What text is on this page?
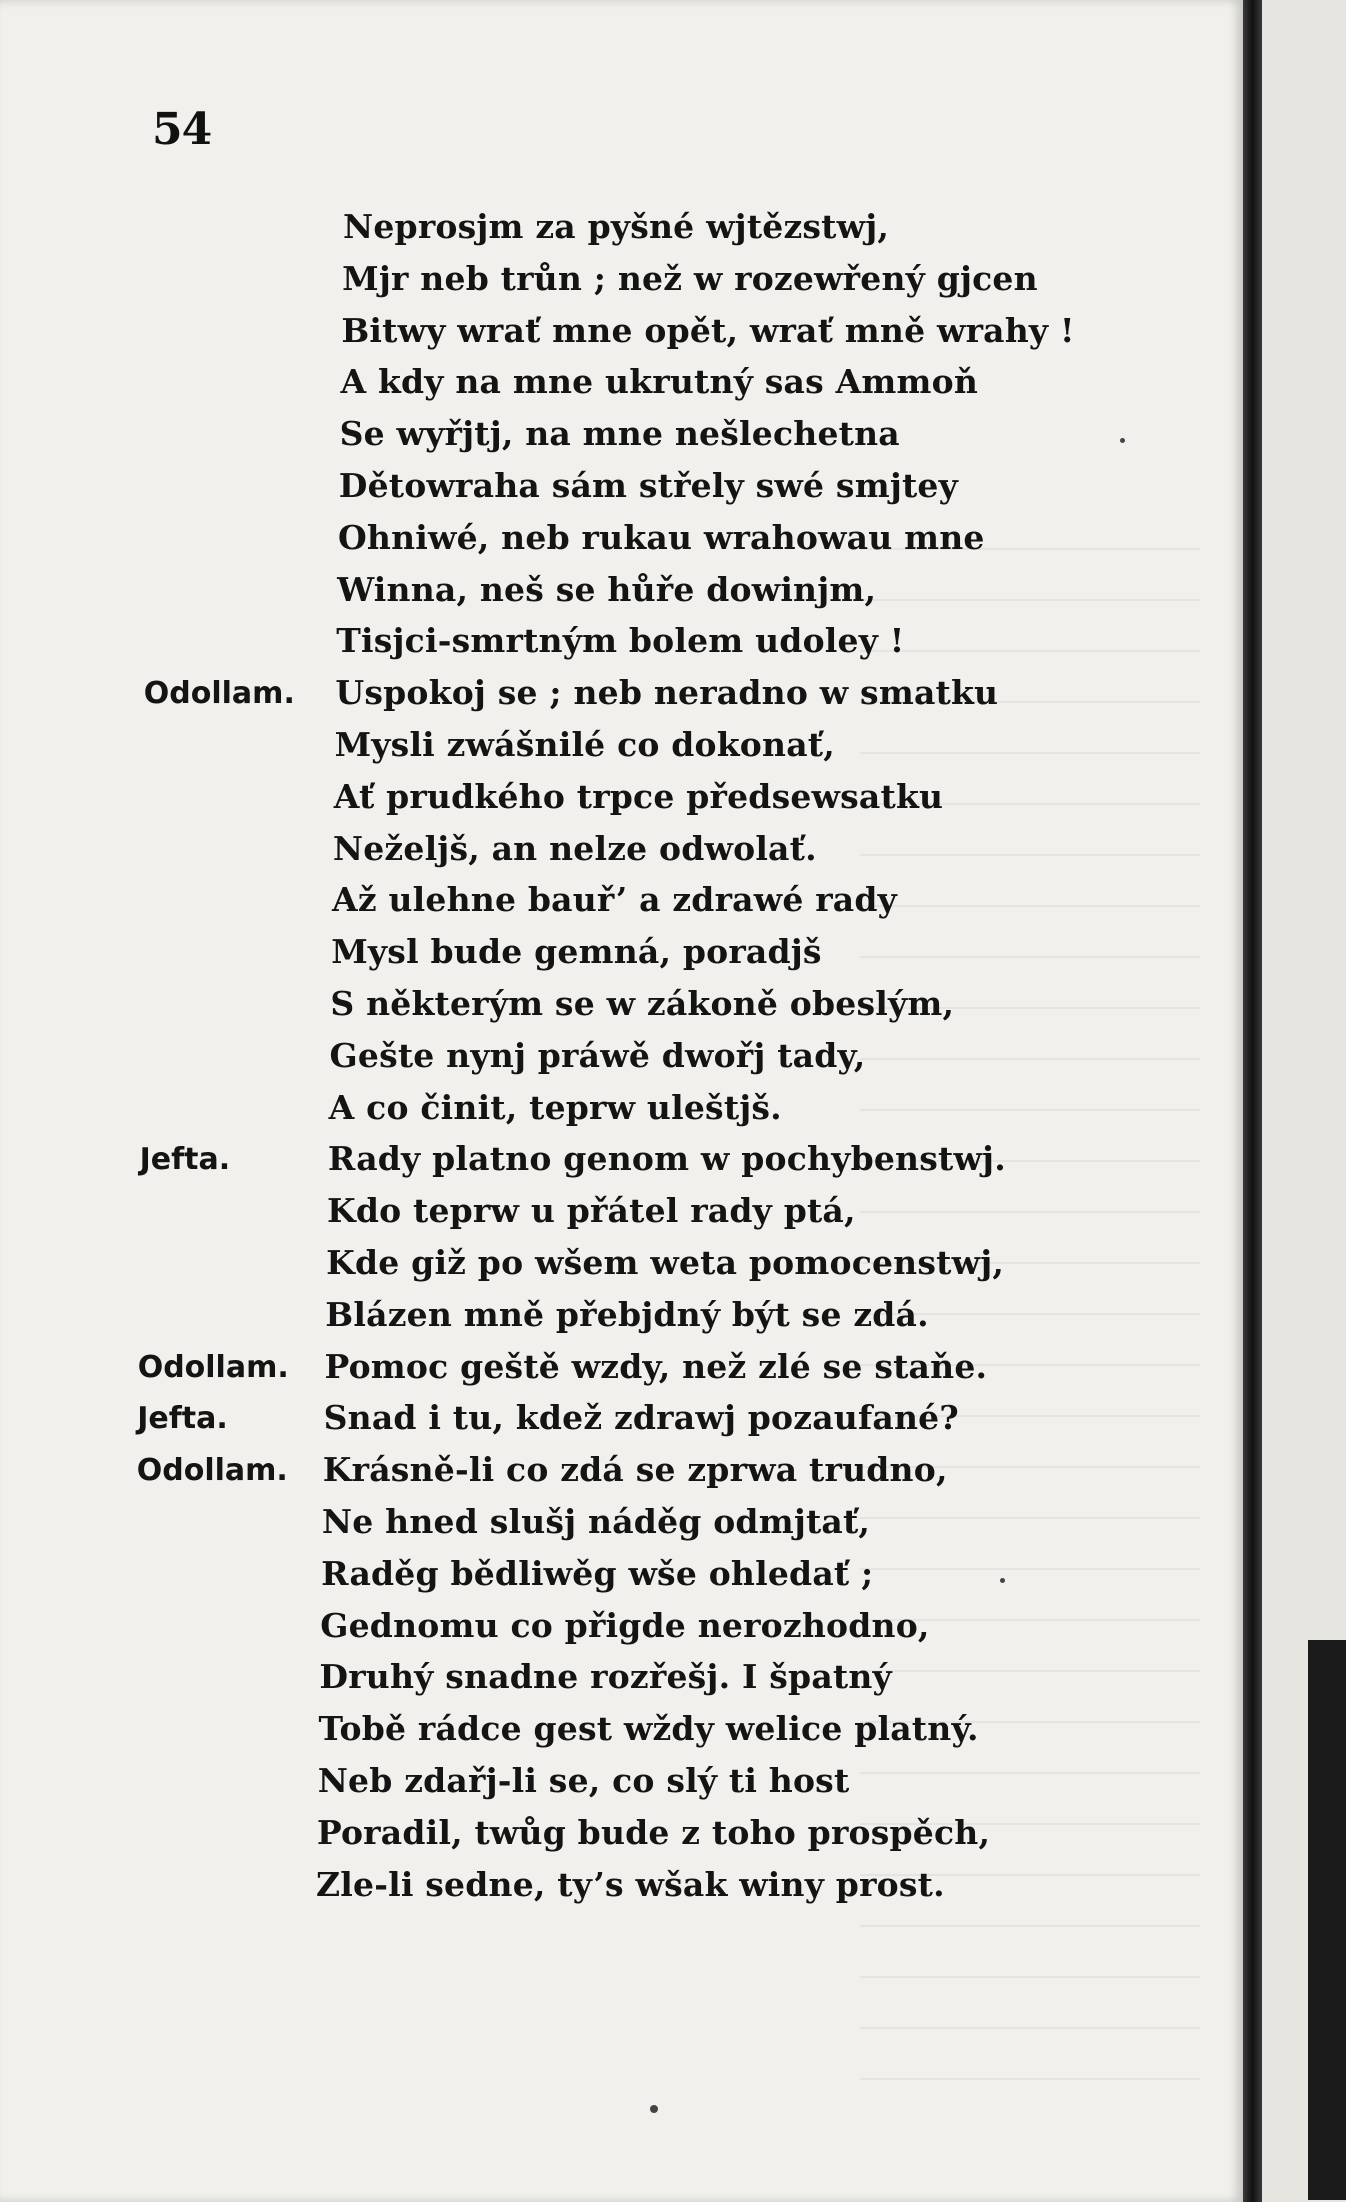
54
Neprosjm za pyšné wjtězstwj,
Mjr neb trůn ; než w rozewřený gjcen
Bitwy wrať mne opět, wrať mně wrahy !
A kdy na mne ukrutný sas Ammoň
Se wyřjtj, na mne nešlechetna
Dětowraha sám střely swé smjtey
Ohniwé, neb rukau wrahowau mne
Winna, neš se hůře dowinjm,
Tisjci-smrtným bolem udoley !
Odollam. Uspokoj se ; neb neradno w smatku
Mysli zwášnilé co dokonať,
Ať prudkého trpce předsewsatku
Neželjš, an nelze odwolať.
Až ulehne bauř’ a zdrawé rady
Mysl bude gemná, poradjš
S některým se w zákoně obeslým,
Gešte nynj práwě dwořj tady,
A co činit, teprw uleštjš.
Jefta.	Rady platno genom w pochybenstwj.
Kdo teprw u přátel rady ptá,
Kde giž po wšem weta pomocenstwj,
Blázen mně přebjdný být se zdá.
Odollam. Pomoc geště wzdy, než zlé se staňe.
Jefta.	Snad i tu, kdež zdrawj pozaufané?
Odollam. Krásně-li co zdá se zprwa trudno,
Ne hned slušj náděg odmjtať,
Raděg bědliwěg wše ohledať ;
Gednomu co přigde nerozhodno,
Druhý snadne rozřešj. I špatný
Tobě rádce gest wždy welice platný.
Neb zdařj-li se, co slý ti host
Poradil, twůg bude z toho prospěch,
Zle-li sedne, ty’s wšak winy prost.
